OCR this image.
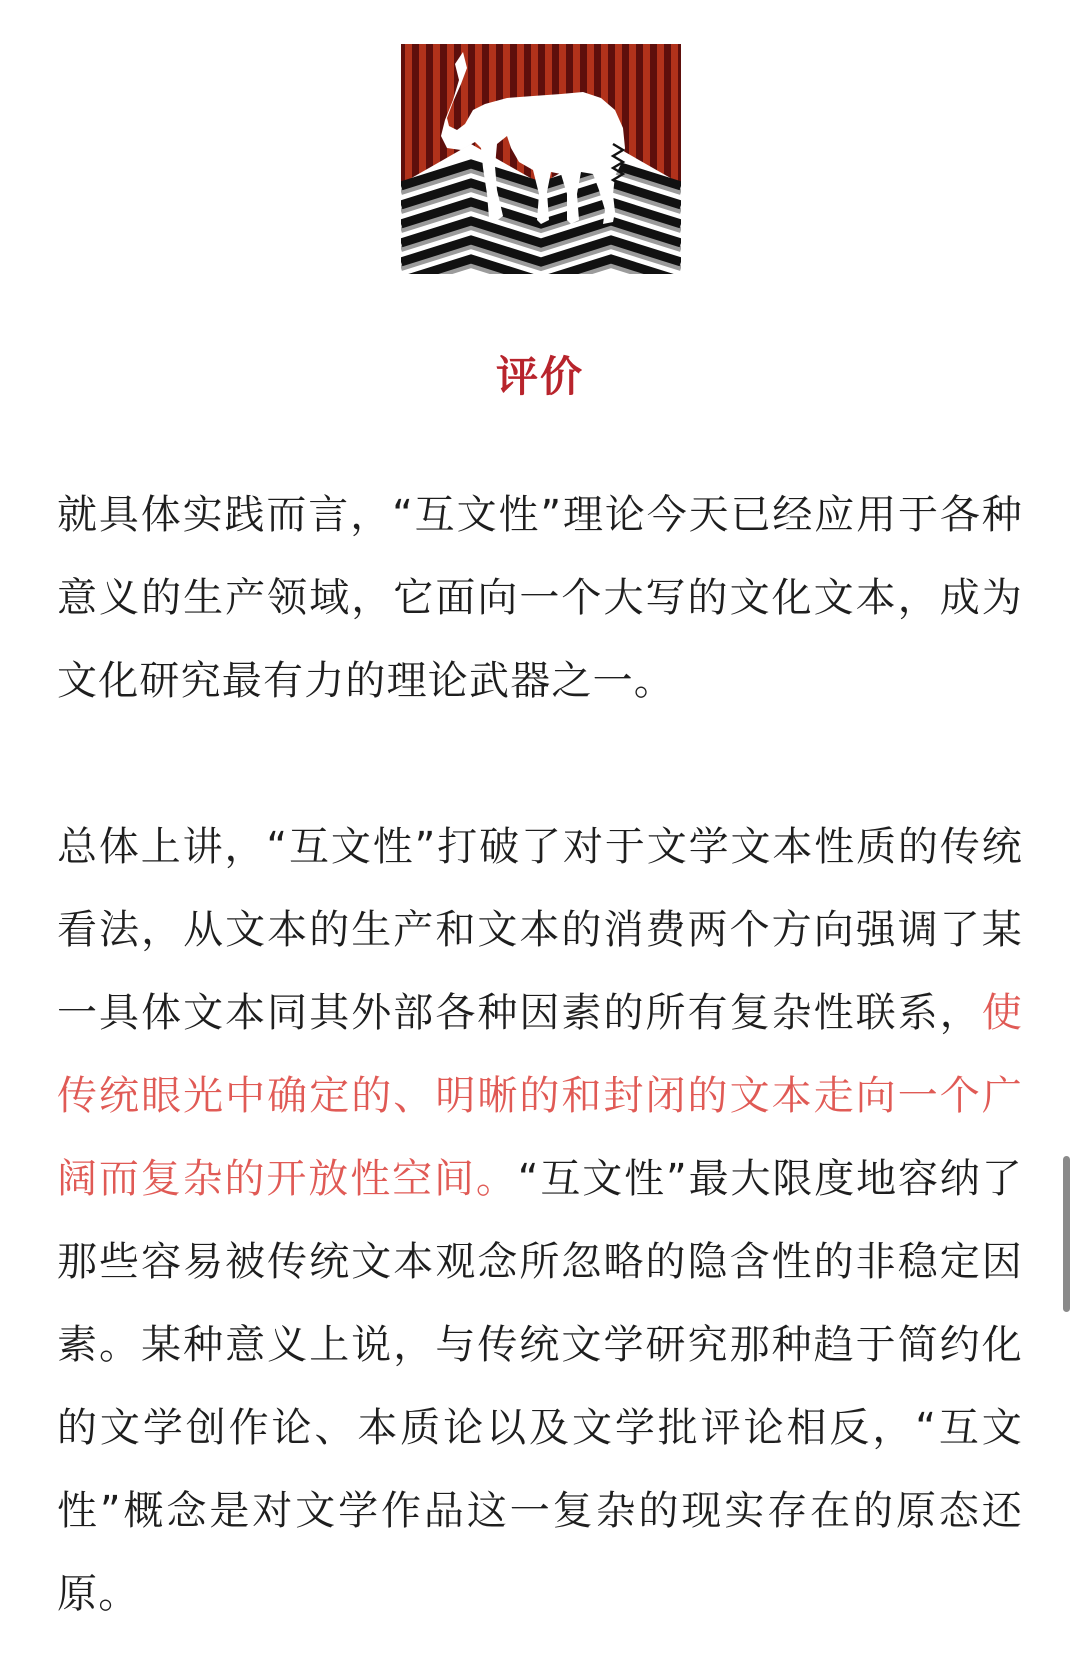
评价

就具体实践而言，“互文性”理论今天已经应用于各种意义的生产领域，它面向一个大写的文化文本，成为文化研究最有力的理论武器之一。

总体上讲，“互文性”打破了对于文学文本性质的传统看法，从文本的生产和文本的消费两个方向强调了某一具体文本同其外部各种因素的所有复杂性联系，使传统眼光中确定的、明晰的和封闭的文本走向一个广阔而复杂的开放性空间。“互文性”最大限度地容纳了那些容易被传统文本观念所忽略的隐含性的非稳定因素。某种意义上说，与传统文学研究那种趋于简约化的文学创作论、本质论以及文学批评论相反，“互文性”概念是对文学作品这一复杂的现实存在的原态还原。
